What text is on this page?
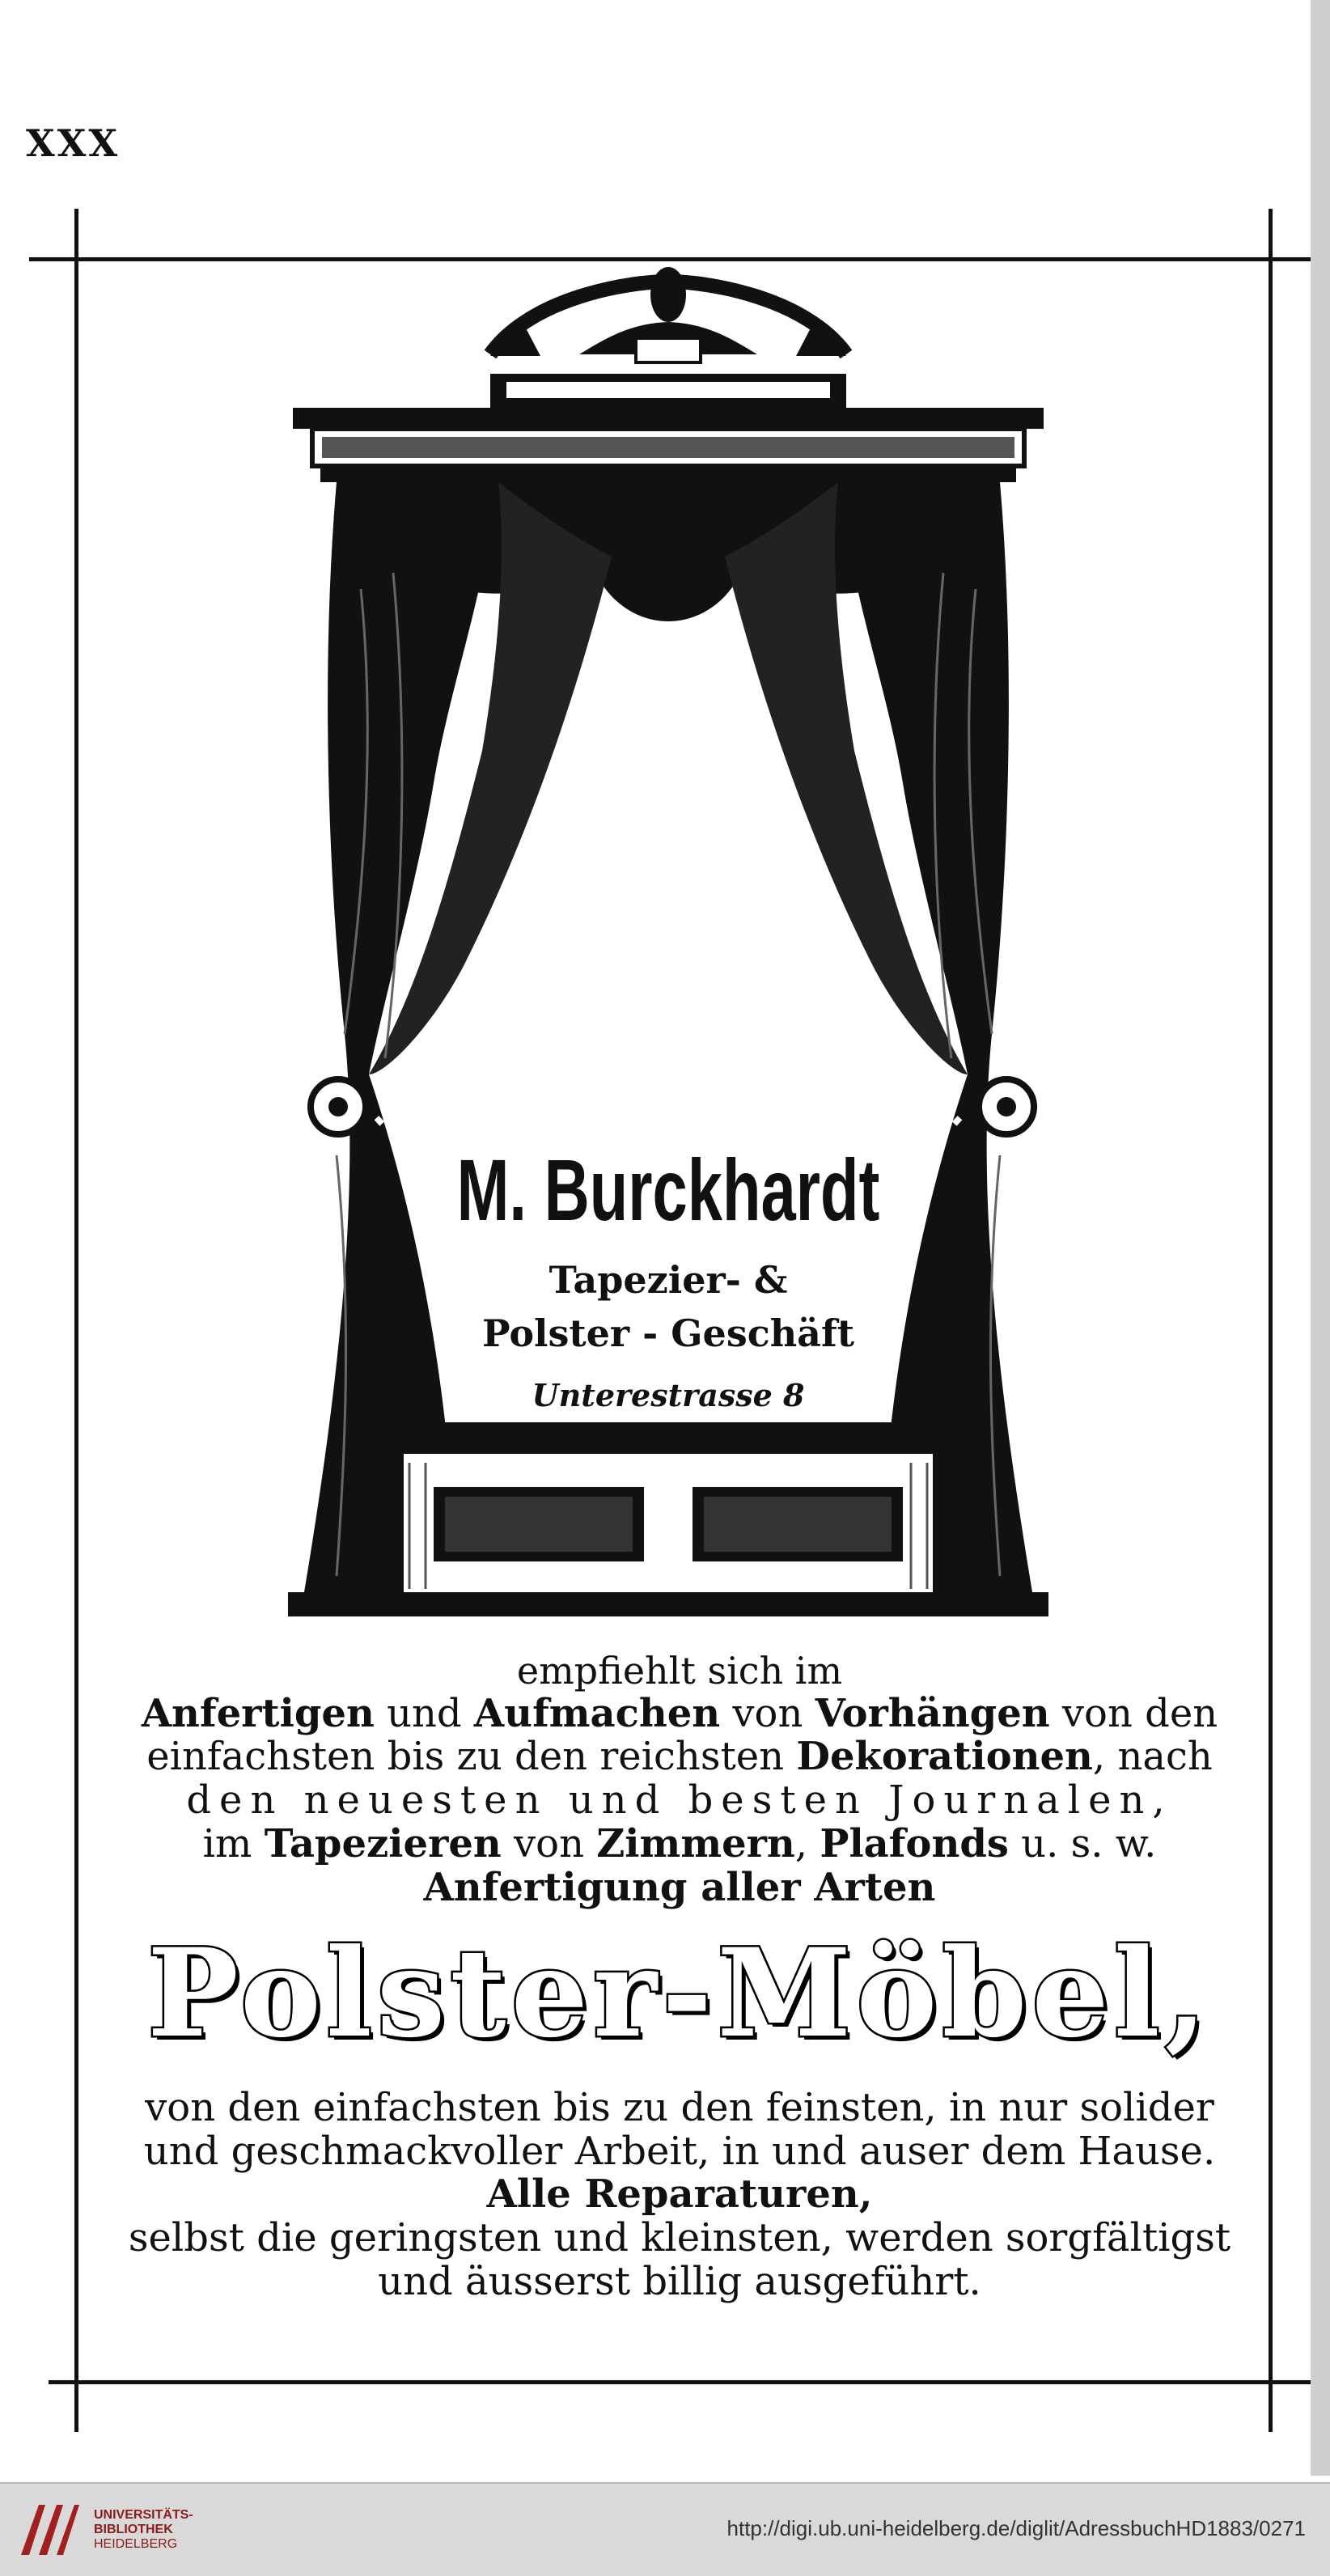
XXX
M. Burckhardt
Tapezier- &
Polster - Geschäft
Unterestrasse 8
empfiehlt sich im
Anfertigen und Aufmachen von Vorhängen von den
einfachsten bis zu den reichsten Dekorationen, nach
den neuesten und besten Journalen,
im Tapezieren von Zimmern, Plafonds u. s. w.
Anfertigung aller Arten
Polster-Möbel,
von den einfachsten bis zu den feinsten, in nur solider
und geschmackvoller Arbeit, in und auser dem Hause.
Alle Reparaturen,
selbst die geringsten und kleinsten, werden sorgfältigst
und äusserst billig ausgeführt.
UNIVERSITÄTS-
BIBLIOTHEK
HEIDELBERG
http://digi.ub.uni-heidelberg.de/diglit/AdressbuchHD1883/0271
